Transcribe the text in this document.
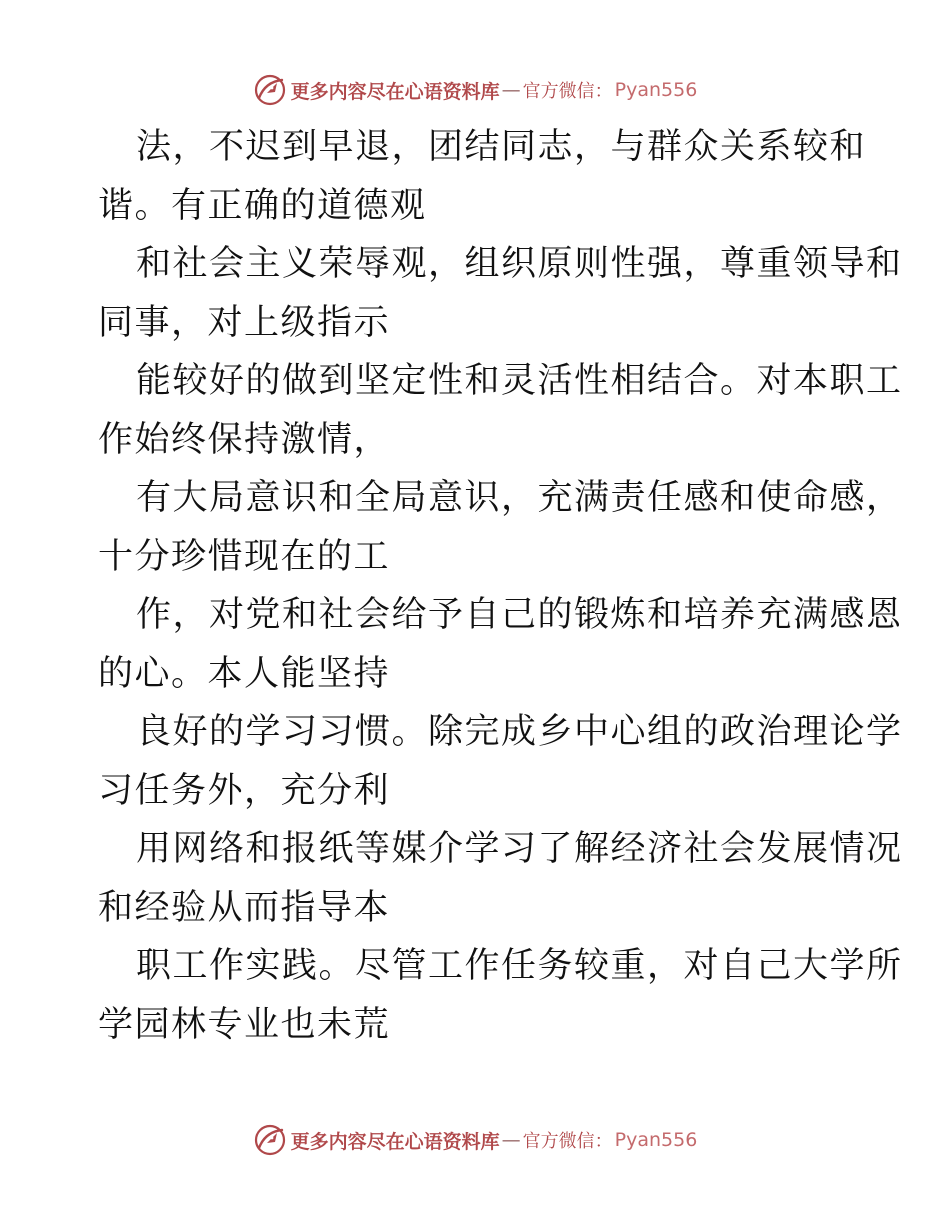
更多内容尽在心语资料库 — 官方微信： Pyan556
法，不迟到早退，团结同志，与群众关系较和
谐。有正确的道德观
和社会主义荣辱观，组织原则性强，尊重领导和
同事，对上级指示
能较好的做到坚定性和灵活性相结合。对本职工
作始终保持激情，
有大局意识和全局意识，充满责任感和使命感，
十分珍惜现在的工
作，对党和社会给予自己的锻炼和培养充满感恩
的心。本人能坚持
良好的学习习惯。除完成乡中心组的政治理论学
习任务外，充分利
用网络和报纸等媒介学习了解经济社会发展情况
和经验从而指导本
职工作实践。尽管工作任务较重，对自己大学所
学园林专业也未荒
更多内容尽在心语资料库 — 官方微信： Pyan556
